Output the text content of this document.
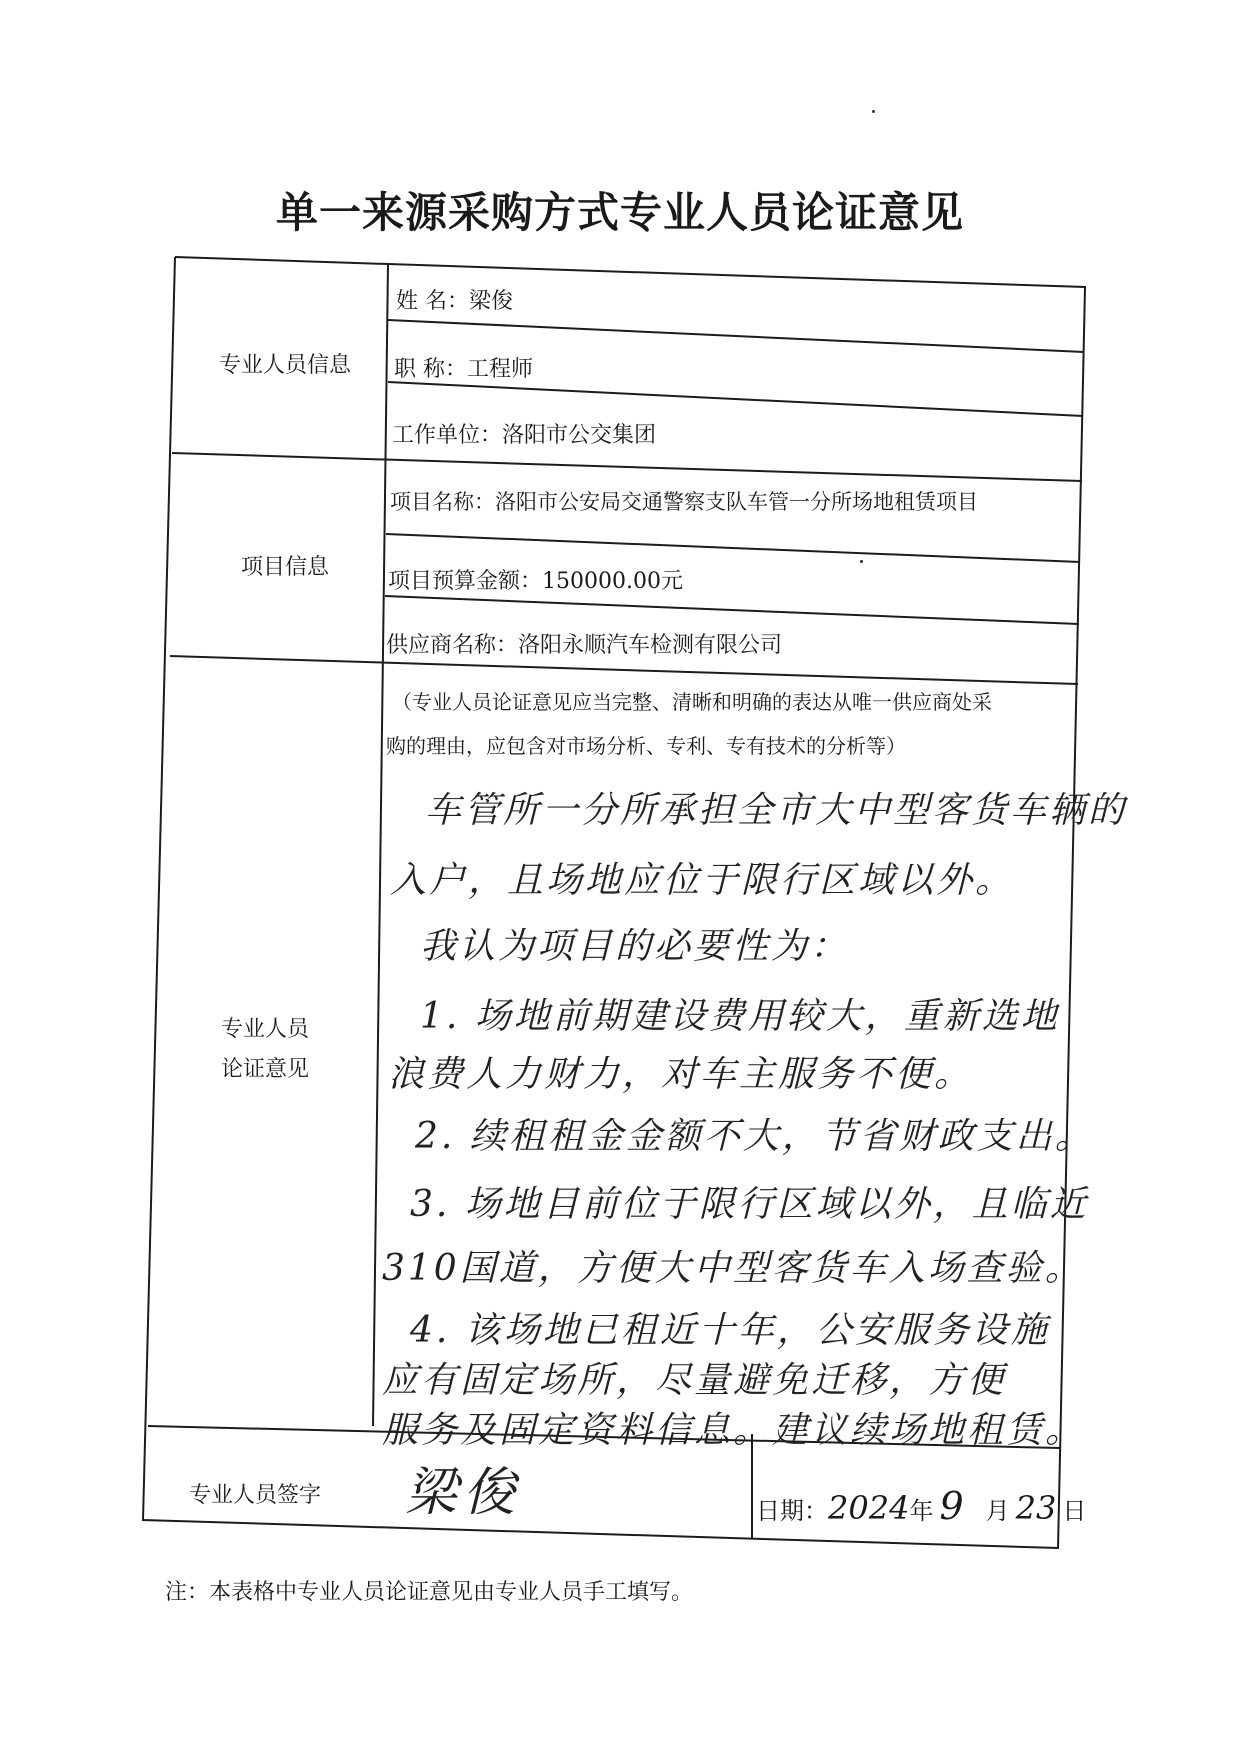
单一来源采购方式专业人员论证意见
专业人员信息
姓 名：梁俊
职 称：工程师
工作单位：洛阳市公交集团
项目信息
项目名称：洛阳市公安局交通警察支队车管一分所场地租赁项目
项目预算金额：150000.00元
供应商名称：洛阳永顺汽车检测有限公司
专业人员
论证意见
（专业人员论证意见应当完整、清晰和明确的表达从唯一供应商处采
购的理由，应包含对市场分析、专利、专有技术的分析等）
车管所一分所承担全市大中型客货车辆的
入户，且场地应位于限行区域以外。
我认为项目的必要性为：
1. 场地前期建设费用较大，重新选地
浪费人力财力，对车主服务不便。
2. 续租租金金额不大，节省财政支出。
3. 场地目前位于限行区域以外，且临近
310国道，方便大中型客货车入场查验。
4. 该场地已租近十年，公安服务设施
应有固定场所，尽量避免迁移，方便
服务及固定资料信息。建议续场地租赁。
专业人员签字	梁俊	日期：2024年 9 月 23 日
注：本表格中专业人员论证意见由专业人员手工填写。
